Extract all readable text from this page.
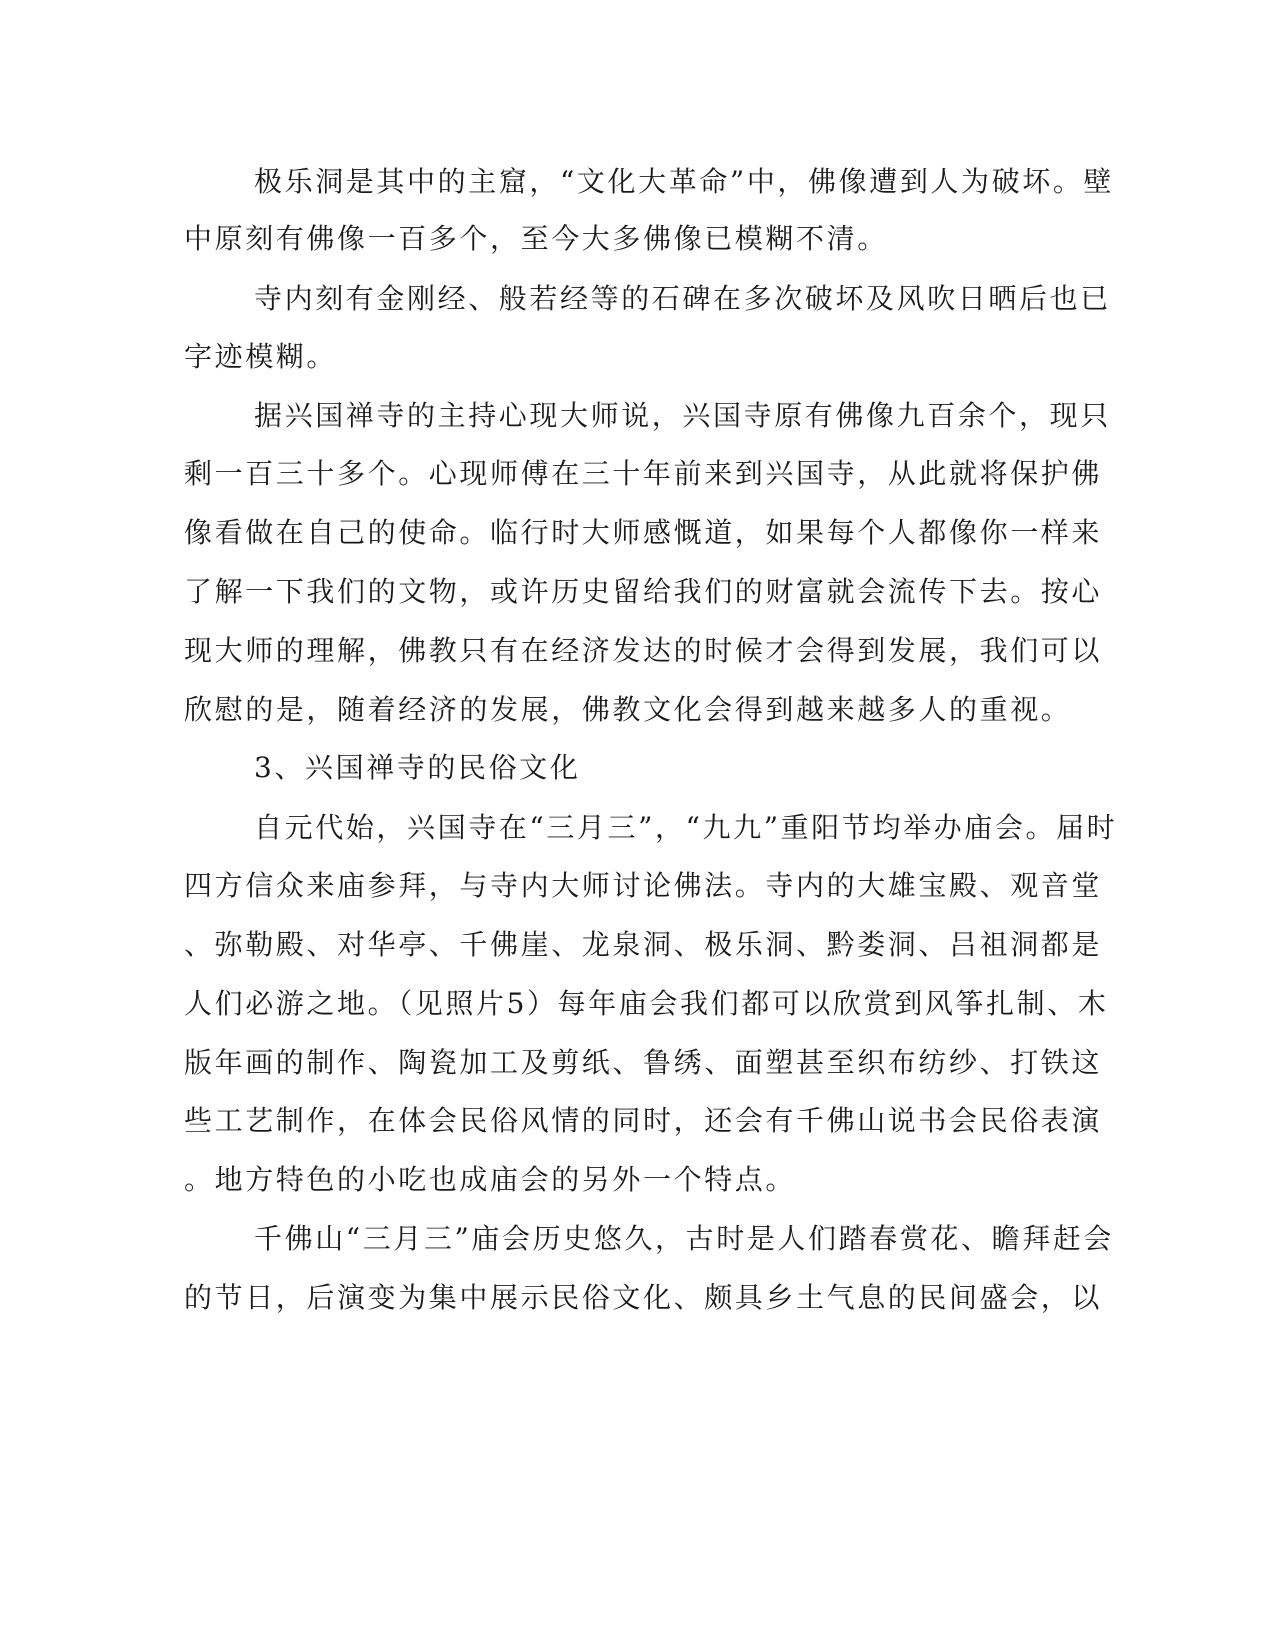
极乐洞是其中的主窟，“文化大革命”中，佛像遭到人为破坏。壁
中原刻有佛像一百多个，至今大多佛像已模糊不清。
寺内刻有金刚经、般若经等的石碑在多次破坏及风吹日晒后也已
字迹模糊。
据兴国禅寺的主持心现大师说，兴国寺原有佛像九百余个，现只
剩一百三十多个。心现师傅在三十年前来到兴国寺，从此就将保护佛
像看做在自己的使命。临行时大师感慨道，如果每个人都像你一样来
了解一下我们的文物，或许历史留给我们的财富就会流传下去。按心
现大师的理解，佛教只有在经济发达的时候才会得到发展，我们可以
欣慰的是，随着经济的发展，佛教文化会得到越来越多人的重视。
3、兴国禅寺的民俗文化
自元代始，兴国寺在“三月三”，“九九”重阳节均举办庙会。届时
四方信众来庙参拜，与寺内大师讨论佛法。寺内的大雄宝殿、观音堂
、弥勒殿、对华亭、千佛崖、龙泉洞、极乐洞、黔娄洞、吕祖洞都是
人们必游之地。（见照片5）每年庙会我们都可以欣赏到风筝扎制、木
版年画的制作、陶瓷加工及剪纸、鲁绣、面塑甚至织布纺纱、打铁这
些工艺制作，在体会民俗风情的同时，还会有千佛山说书会民俗表演
。地方特色的小吃也成庙会的另外一个特点。
千佛山“三月三”庙会历史悠久，古时是人们踏春赏花、瞻拜赶会
的节日，后演变为集中展示民俗文化、颇具乡土气息的民间盛会，以
